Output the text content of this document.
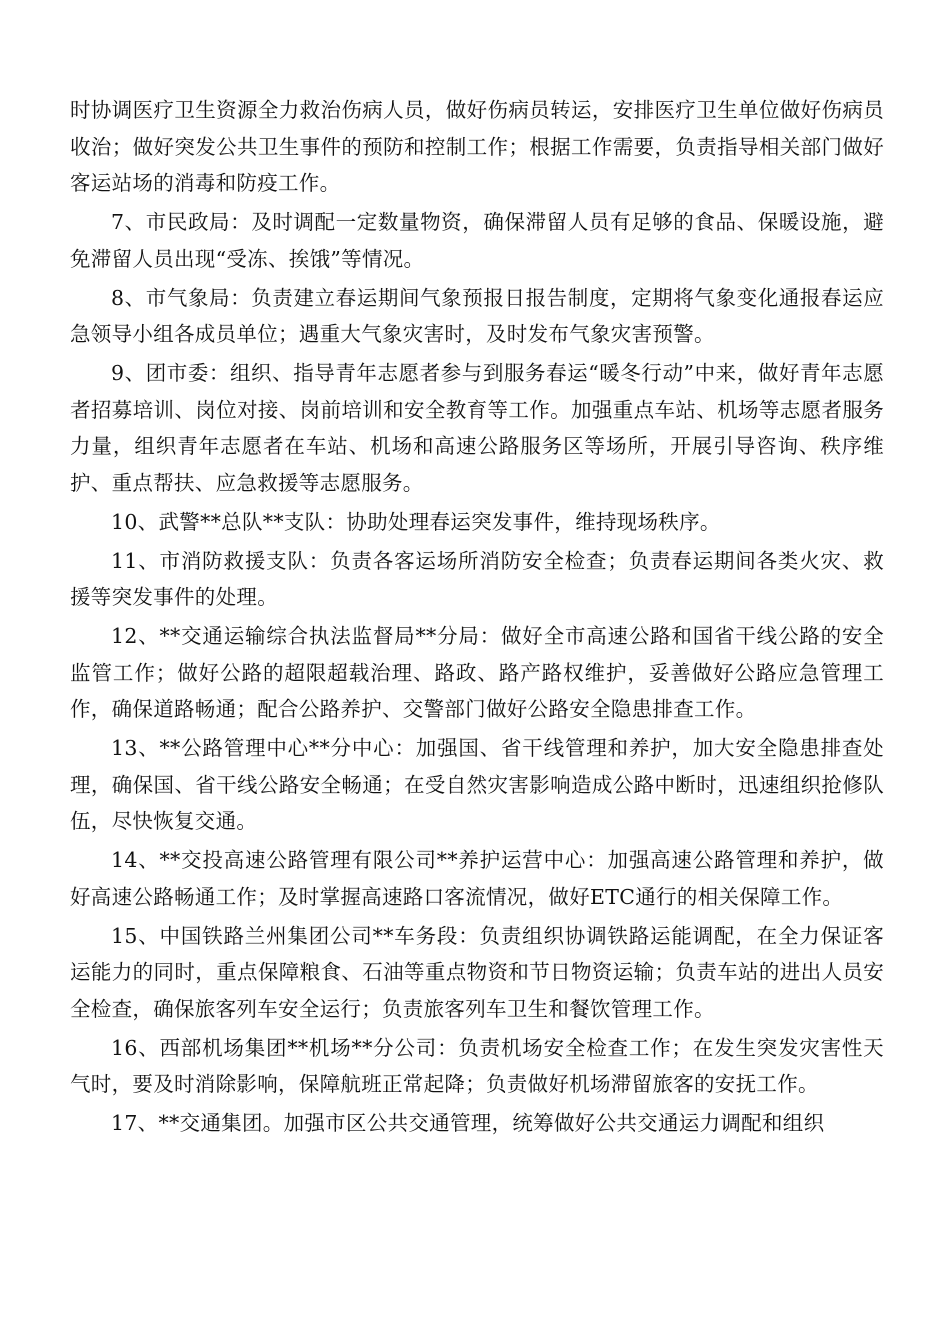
时协调医疗卫生资源全力救治伤病人员，做好伤病员转运，安排医疗卫生单位做好伤病员收治；做好突发公共卫生事件的预防和控制工作；根据工作需要，负责指导相关部门做好客运站场的消毒和防疫工作。

7、市民政局：及时调配一定数量物资，确保滞留人员有足够的食品、保暖设施，避免滞留人员出现“受冻、挨饿”等情况。

8、市气象局：负责建立春运期间气象预报日报告制度，定期将气象变化通报春运应急领导小组各成员单位；遇重大气象灾害时，及时发布气象灾害预警。

9、团市委：组织、指导青年志愿者参与到服务春运“暖冬行动”中来，做好青年志愿者招募培训、岗位对接、岗前培训和安全教育等工作。加强重点车站、机场等志愿者服务力量，组织青年志愿者在车站、机场和高速公路服务区等场所，开展引导咨询、秩序维护、重点帮扶、应急救援等志愿服务。

10、武警**总队**支队：协助处理春运突发事件，维持现场秩序。

11、市消防救援支队：负责各客运场所消防安全检查；负责春运期间各类火灾、救援等突发事件的处理。

12、**交通运输综合执法监督局**分局：做好全市高速公路和国省干线公路的安全监管工作；做好公路的超限超载治理、路政、路产路权维护，妥善做好公路应急管理工作，确保道路畅通；配合公路养护、交警部门做好公路安全隐患排查工作。

13、**公路管理中心**分中心：加强国、省干线管理和养护，加大安全隐患排查处理，确保国、省干线公路安全畅通；在受自然灾害影响造成公路中断时，迅速组织抢修队伍，尽快恢复交通。

14、**交投高速公路管理有限公司**养护运营中心：加强高速公路管理和养护，做好高速公路畅通工作；及时掌握高速路口客流情况，做好ETC通行的相关保障工作。

15、中国铁路兰州集团公司**车务段：负责组织协调铁路运能调配，在全力保证客运能力的同时，重点保障粮食、石油等重点物资和节日物资运输；负责车站的进出人员安全检查，确保旅客列车安全运行；负责旅客列车卫生和餐饮管理工作。

16、西部机场集团**机场**分公司：负责机场安全检查工作；在发生突发灾害性天气时，要及时消除影响，保障航班正常起降；负责做好机场滞留旅客的安抚工作。

17、**交通集团。加强市区公共交通管理，统筹做好公共交通运力调配和组织
